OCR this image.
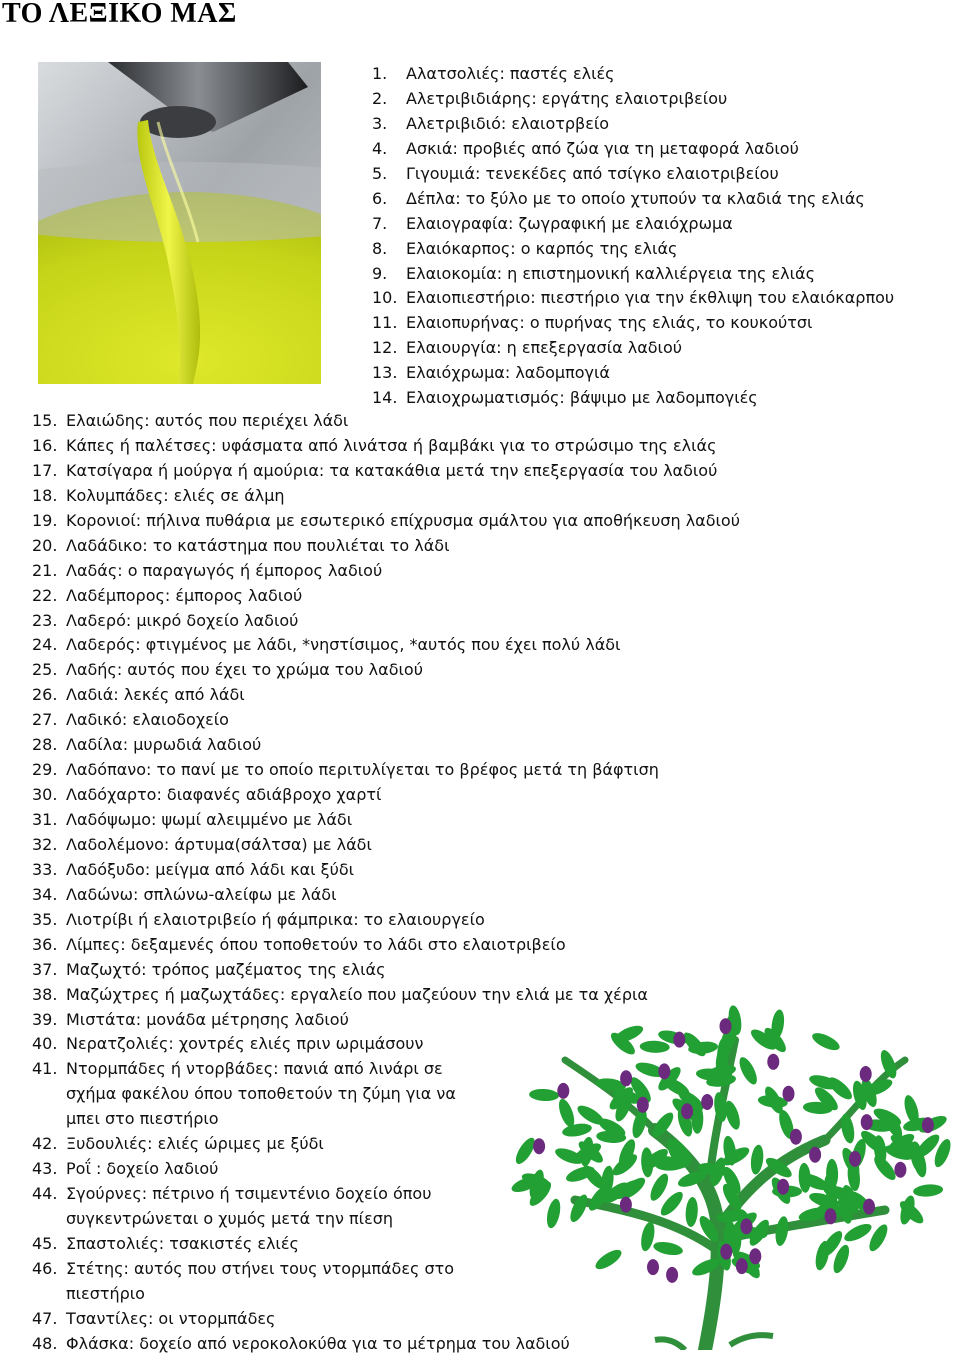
ΤΟ ΛΕΞΙΚΟ ΜΑΣ
1.	Αλατσολιές: παστές ελιές
2.	Αλετριβιδιάρης: εργάτης ελαιοτριβείου
3.	Αλετριβιδιό: ελαιοτρβείο
4.	Ασκιά: προβιές από ζώα για τη μεταφορά λαδιού
5.	Γιγουμιά: τενεκέδες από τσίγκο ελαιοτριβείου
6.	Δέπλα: το ξύλο με το οποίο χτυπούν τα κλαδιά της ελιάς
7.	Ελαιογραφία: ζωγραφική με ελαιόχρωμα
8.	Ελαιόκαρπος: ο καρπός της ελιάς
9.	Ελαιοκομία: η επιστημονική καλλιέργεια της ελιάς
10. Ελαιοπιεστήριο: πιεστήριο για την έκθλιψη του ελαιόκαρπου
11. Ελαιοπυρήνας: ο πυρήνας της ελιάς, το κουκούτσι
12. Ελαιουργία: η επεξεργασία λαδιού
13. Ελαιόχρωμα: λαδομπογιά
14. Ελαιοχρωματισμός: βάψιμο με λαδομπογιές
15. Ελαιώδης: αυτός που περιέχει λάδι
16. Κάπες ή παλέτσες: υφάσματα από λινάτσα ή βαμβάκι για το στρώσιμο της ελιάς
17. Κατσίγαρα ή μούργα ή αμούρια: τα κατακάθια μετά την επεξεργασία του λαδιού
18. Κολυμπάδες: ελιές σε άλμη
19. Κορονιοί: πήλινα πυθάρια με εσωτερικό επίχρυσμα σμάλτου για αποθήκευση λαδιού
20. Λαδάδικο: το κατάστημα που πουλιέται το λάδι
21. Λαδάς: ο παραγωγός ή έμπορος λαδιού
22. Λαδέμπορος: έμπορος λαδιού
23. Λαδερό: μικρό δοχείο λαδιού
24. Λαδερός: φτιγμένος με λάδι, *νηστίσιμος, *αυτός που έχει πολύ λάδι
25. Λαδής: αυτός που έχει το χρώμα του λαδιού
26. Λαδιά: λεκές από λάδι
27. Λαδικό: ελαιοδοχείο
28. Λαδίλα: μυρωδιά λαδιού
29. Λαδόπανο: το πανί με το οποίο περιτυλίγεται το βρέφος μετά τη βάφτιση
30. Λαδόχαρτο: διαφανές αδιάβροχο χαρτί
31. Λαδόψωμο: ψωμί αλειμμένο με λάδι
32. Λαδολέμονο: άρτυμα(σάλτσα) με λάδι
33. Λαδόξυδο: μείγμα από λάδι και ξύδι
34. Λαδώνω: σπλώνω-αλείφω με λάδι
35. Λιοτρίβι ή ελαιοτριβείο ή φάμπρικα: το ελαιουργείο
36. Λίμπες: δεξαμενές όπου τοποθετούν το λάδι στο ελαιοτριβείο
37. Μαζωχτό: τρόπος μαζέματος της ελιάς
38. Μαζώχτρες ή μαζωχτάδες: εργαλείο που μαζεύουν την ελιά με τα χέρια
39. Μιστάτα: μονάδα μέτρησης λαδιού
40. Νερατζολιές: χοντρές ελιές πριν ωριμάσουν
41. Ντορμπάδες ή ντορβάδες: πανιά από λινάρι σε σχήμα φακέλου όπου τοποθετούν τη ζύμη για να μπει στο πιεστήριο
42. Ξυδουλιές: ελιές ώριμες με ξύδι
43. Ροΐ : δοχείο λαδιού
44. Σγούρνες: πέτρινο ή τσιμεντένιο δοχείο όπου συγκεντρώνεται ο χυμός μετά την πίεση
45. Σπαστολιές: τσακιστές ελιές
46. Στέτης: αυτός που στήνει τους ντορμπάδες στο πιεστήριο
47. Τσαντίλες: οι ντορμπάδες
48. Φλάσκα: δοχείο από νεροκολοκύθα για το μέτρημα του λαδιού
